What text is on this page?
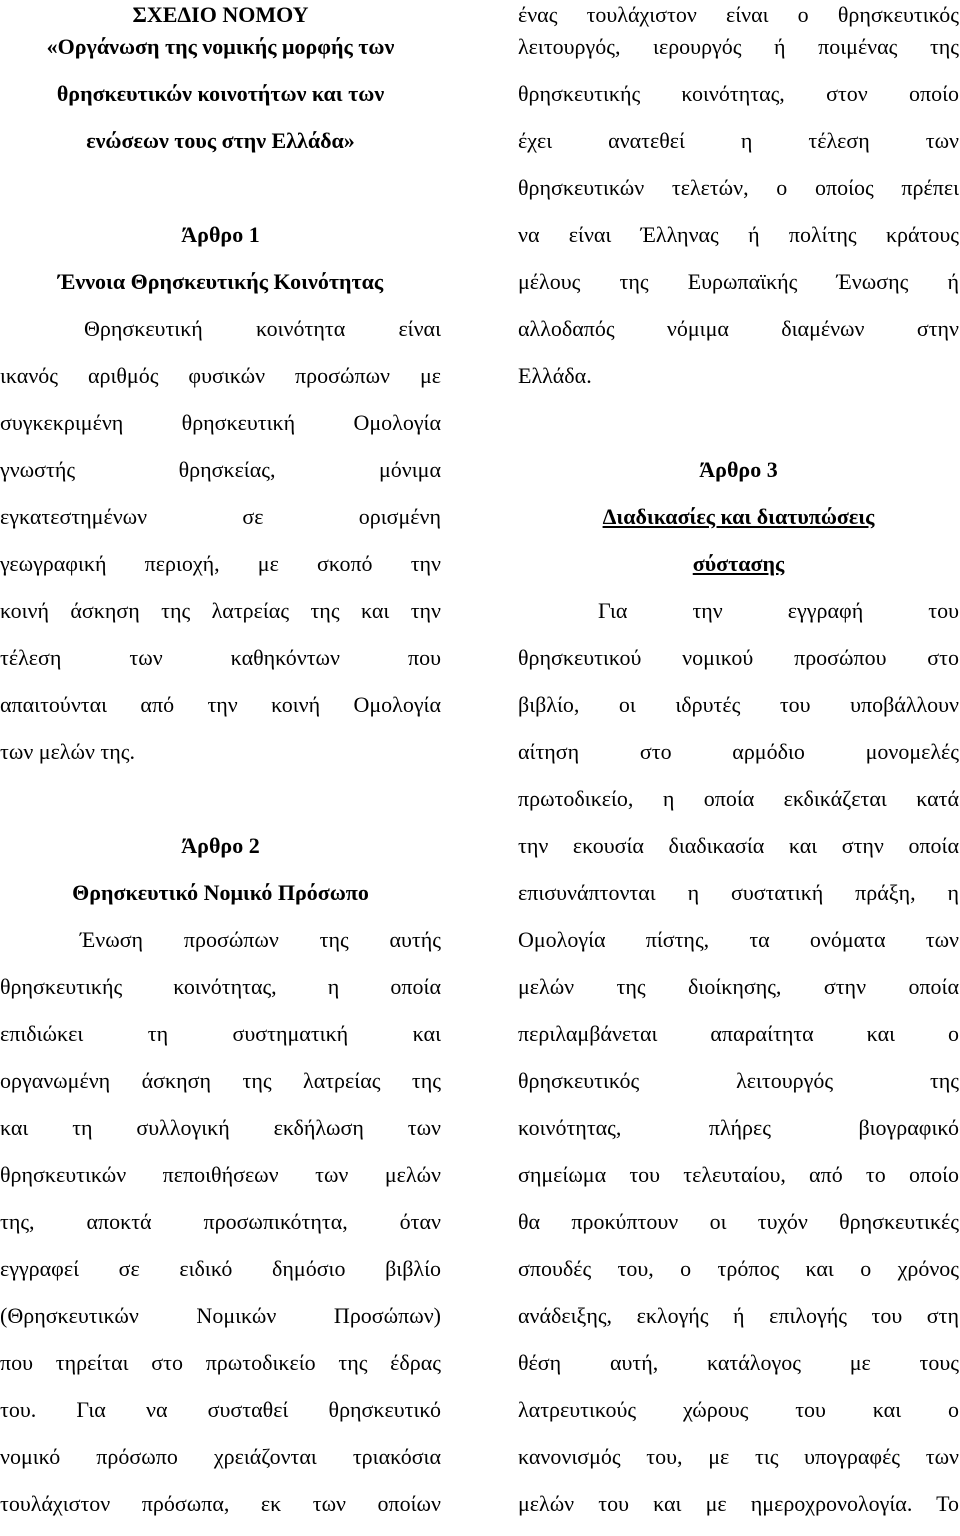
ΣΧΕΔΙΟ ΝΟΜΟΥ
«Οργάνωση της νομικής μορφής των
θρησκευτικών κοινοτήτων και των
ενώσεων τους στην Ελλάδα»
Άρθρο 1
Έννοια Θρησκευτικής Κοινότητας
Θρησκευτική κοινότητα είναι
ικανός αριθμός φυσικών προσώπων με
συγκεκριμένη θρησκευτική Ομολογία
γνωστής θρησκείας, μόνιμα
εγκατεστημένων σε ορισμένη
γεωγραφική περιοχή, με σκοπό την
κοινή άσκηση της λατρείας της και την
τέλεση των καθηκόντων που
απαιτούνται από την κοινή Ομολογία
των μελών της.
Άρθρο 2
Θρησκευτικό Νομικό Πρόσωπο
Ένωση προσώπων της αυτής
θρησκευτικής κοινότητας, η οποία
επιδιώκει τη συστηματική και
οργανωμένη άσκηση της λατρείας της
και τη συλλογική εκδήλωση των
θρησκευτικών πεποιθήσεων των μελών
της, αποκτά προσωπικότητα, όταν
εγγραφεί σε ειδικό δημόσιο βιβλίο
(Θρησκευτικών Νομικών Προσώπων)
που τηρείται στο πρωτοδικείο της έδρας
του. Για να συσταθεί θρησκευτικό
νομικό πρόσωπο χρειάζονται τριακόσια
τουλάχιστον πρόσωπα, εκ των οποίων
ένας τουλάχιστον είναι ο θρησκευτικός
λειτουργός, ιερουργός ή ποιμένας της
θρησκευτικής κοινότητας, στον οποίο
έχει ανατεθεί η τέλεση των
θρησκευτικών τελετών, ο οποίος πρέπει
να είναι Έλληνας ή πολίτης κράτους
μέλους της Ευρωπαϊκής Ένωσης ή
αλλοδαπός νόμιμα διαμένων στην
Ελλάδα.
Άρθρο 3
Διαδικασίες και διατυπώσεις
σύστασης
Για την εγγραφή του
θρησκευτικού νομικού προσώπου στο
βιβλίο, οι ιδρυτές του υποβάλλουν
αίτηση στο αρμόδιο μονομελές
πρωτοδικείο, η οποία εκδικάζεται κατά
την εκουσία διαδικασία και στην οποία
επισυνάπτονται η συστατική πράξη, η
Ομολογία πίστης, τα ονόματα των
μελών της διοίκησης, στην οποία
περιλαμβάνεται απαραίτητα και ο
θρησκευτικός λειτουργός της
κοινότητας, πλήρες βιογραφικό
σημείωμα του τελευταίου, από το οποίο
θα προκύπτουν οι τυχόν θρησκευτικές
σπουδές του, ο τρόπος και ο χρόνος
ανάδειξης, εκλογής ή επιλογής του στη
θέση αυτή, κατάλογος με τους
λατρευτικούς χώρους του και ο
κανονισμός του, με τις υπογραφές των
μελών του και με ημεροχρονολογία. Το
